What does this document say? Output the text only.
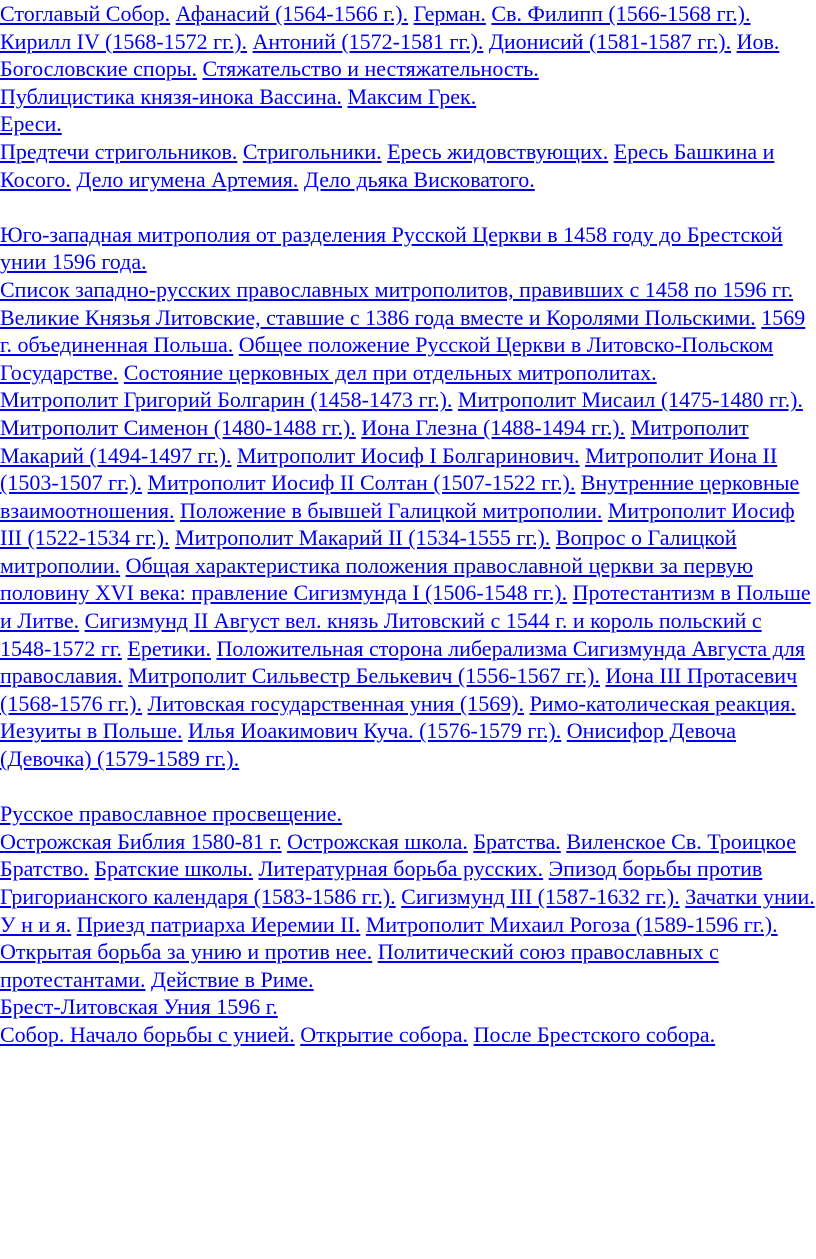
Стоглавый Собор. Афанасий (1564-1566 г.). Герман. Св. Филипп (1566-1568 гг.). Кирилл IV (1568-1572 гг.). Антоний (1572-1581 гг.). Дионисий (1581-1587 гг.). Иов.

Богословские споры. Стяжательство и нестяжательность.

Публицистика князя-инока Вассина. Максим Грек.

Ереси.

Предтечи стригольников. Стригольники. Ересь жидовствующих. Ересь Башкина и Косого. Дело игумена Артемия. Дело дьяка Висковатого.

Юго-западная митрополия от разделения Русской Церкви в 1458 году до Брестской унии 1596 года.

Список западно-русских православных митрополитов, правивших с 1458 по 1596 гг. Великие Князья Литовские, ставшие с 1386 года вместе и Королями Польскими. 1569 г. объединенная Польша. Общее положение Русской Церкви в Литовско-Польском Государстве. Состояние церковных дел при отдельных митрополитах.

Митрополит Григорий Болгарин (1458-1473 гг.). Митрополит Мисаил (1475-1480 гг.). Митрополит Сименон (1480-1488 гг.). Иона Глезна (1488-1494 гг.). Митрополит Макарий (1494-1497 гг.). Митрополит Иосиф I Болгаринович. Митрополит Иона II (1503-1507 гг.). Митрополит Иосиф II Солтан (1507-1522 гг.). Внутренние церковные взаимоотношения. Положение в бывшей Галицкой митрополии. Митрополит Иосиф III (1522-1534 гг.). Митрополит Макарий II (1534-1555 гг.). Вопрос о Галицкой митрополии. Общая характеристика положения православной церкви за первую половину XVI века: правление Сигизмунда I (1506-1548 гг.). Протестантизм в Польше и Литве. Сигизмунд II Август вел. князь Литовский с 1544 г. и король польский с 1548-1572 гг. Еретики. Положительная сторона либерализма Сигизмунда Августа для православия. Митрополит Сильвестр Белькевич (1556-1567 гг.). Иона III Протасевич (1568-1576 гг.). Литовская государственная уния (1569). Римо-католическая реакция. Иезуиты в Польше. Илья Иоакимович Куча. (1576-1579 гг.). Онисифор Девоча (Девочка) (1579-1589 гг.).

Русское православное просвещение.

Острожская Библия 1580-81 г. Острожская школа. Братства. Виленское Св. Троицкое Братство. Братские школы. Литературная борьба русских. Эпизод борьбы против Григорианского календаря (1583-1586 гг.). Сигизмунд III (1587-1632 гг.). Зачатки унии. У н и я. Приезд патриарха Иеремии II. Митрополит Михаил Рогоза (1589-1596 гг.). Открытая борьба за унию и против нее. Политический союз православных с протестантами. Действие в Риме.

Брест-Литовская Уния 1596 г.

Собор. Начало борьбы с унией. Открытие собора. После Брестского собора.
